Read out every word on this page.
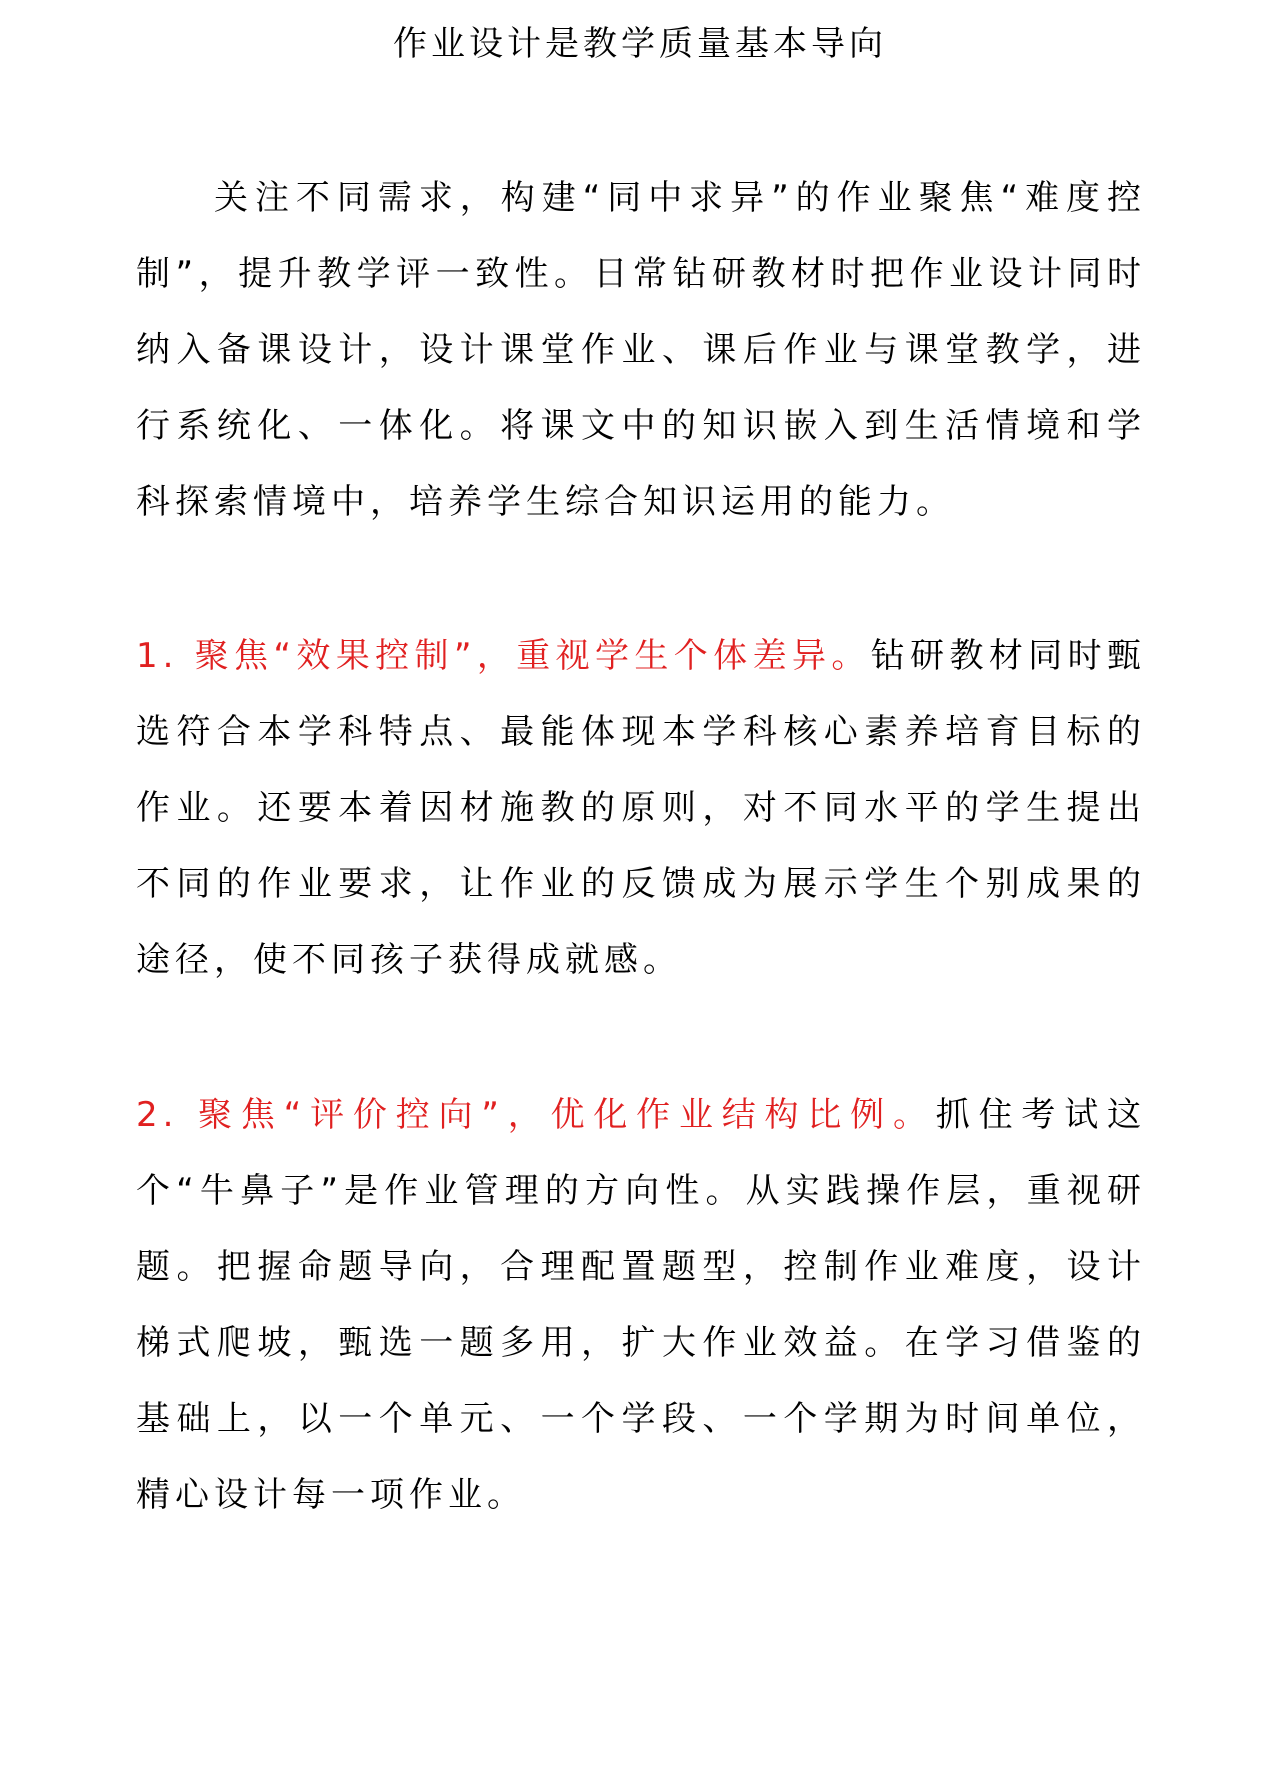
作业设计是教学质量基本导向

关注不同需求，构建“同中求异”的作业聚焦“难度控制”，提升教学评一致性。日常钻研教材时把作业设计同时纳入备课设计，设计课堂作业、课后作业与课堂教学，进行系统化、一体化。将课文中的知识嵌入到生活情境和学科探索情境中，培养学生综合知识运用的能力。

1. 聚焦“效果控制”，重视学生个体差异。钻研教材同时甄选符合本学科特点、最能体现本学科核心素养培育目标的作业。还要本着因材施教的原则，对不同水平的学生提出不同的作业要求，让作业的反馈成为展示学生个别成果的途径，使不同孩子获得成就感。

2. 聚焦“评价控向”，优化作业结构比例。抓住考试这个“牛鼻子”是作业管理的方向性。从实践操作层，重视研题。把握命题导向，合理配置题型，控制作业难度，设计梯式爬坡，甄选一题多用，扩大作业效益。在学习借鉴的基础上，以一个单元、一个学段、一个学期为时间单位，精心设计每一项作业。
